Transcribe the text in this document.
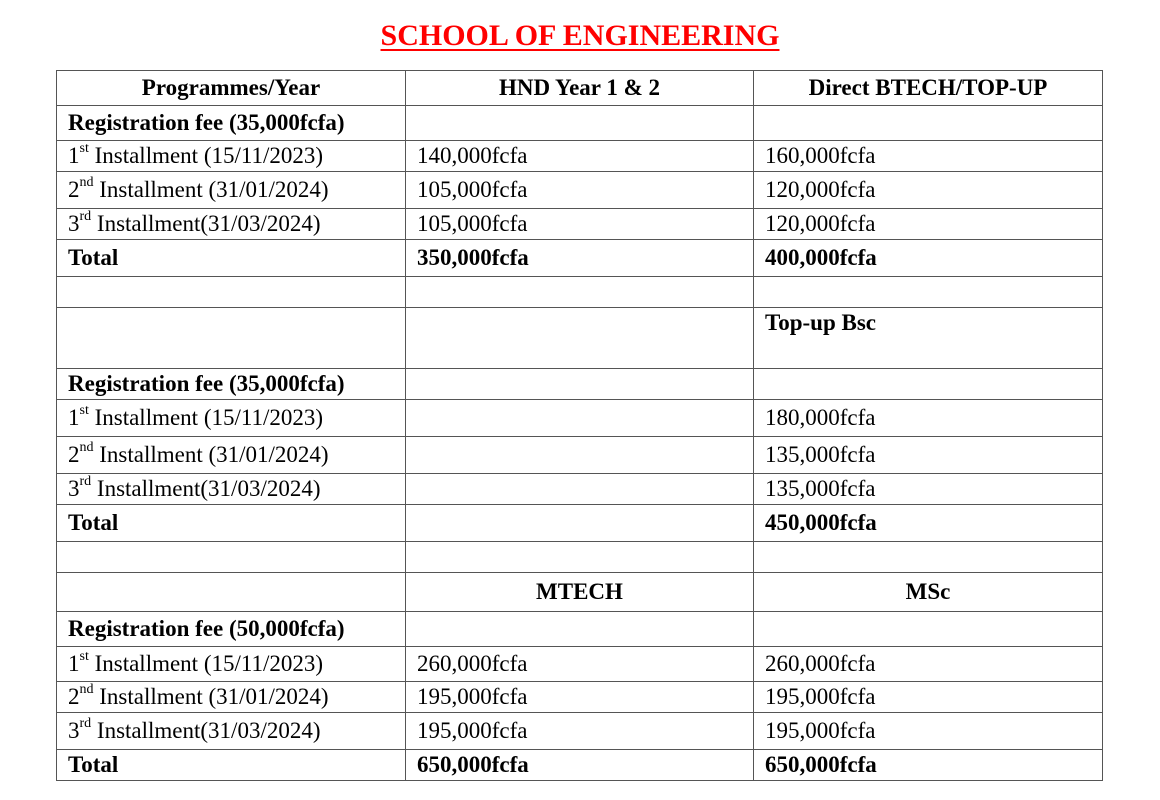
SCHOOL OF ENGINEERING
Programmes/Year	HND Year 1 & 2	Direct BTECH/TOP-UP
Registration fee (35,000fcfa)		
1st Installment (15/11/2023)	140,000fcfa	160,000fcfa
2nd Installment (31/01/2024)	105,000fcfa	120,000fcfa
3rd Installment(31/03/2024)	105,000fcfa	120,000fcfa
Total	350,000fcfa	400,000fcfa

		Top-up Bsc
Registration fee (35,000fcfa)		
1st Installment (15/11/2023)		180,000fcfa
2nd Installment (31/01/2024)		135,000fcfa
3rd Installment(31/03/2024)		135,000fcfa
Total		450,000fcfa

	MTECH	MSc
Registration fee (50,000fcfa)		
1st Installment (15/11/2023)	260,000fcfa	260,000fcfa
2nd Installment (31/01/2024)	195,000fcfa	195,000fcfa
3rd Installment(31/03/2024)	195,000fcfa	195,000fcfa
Total	650,000fcfa	650,000fcfa
